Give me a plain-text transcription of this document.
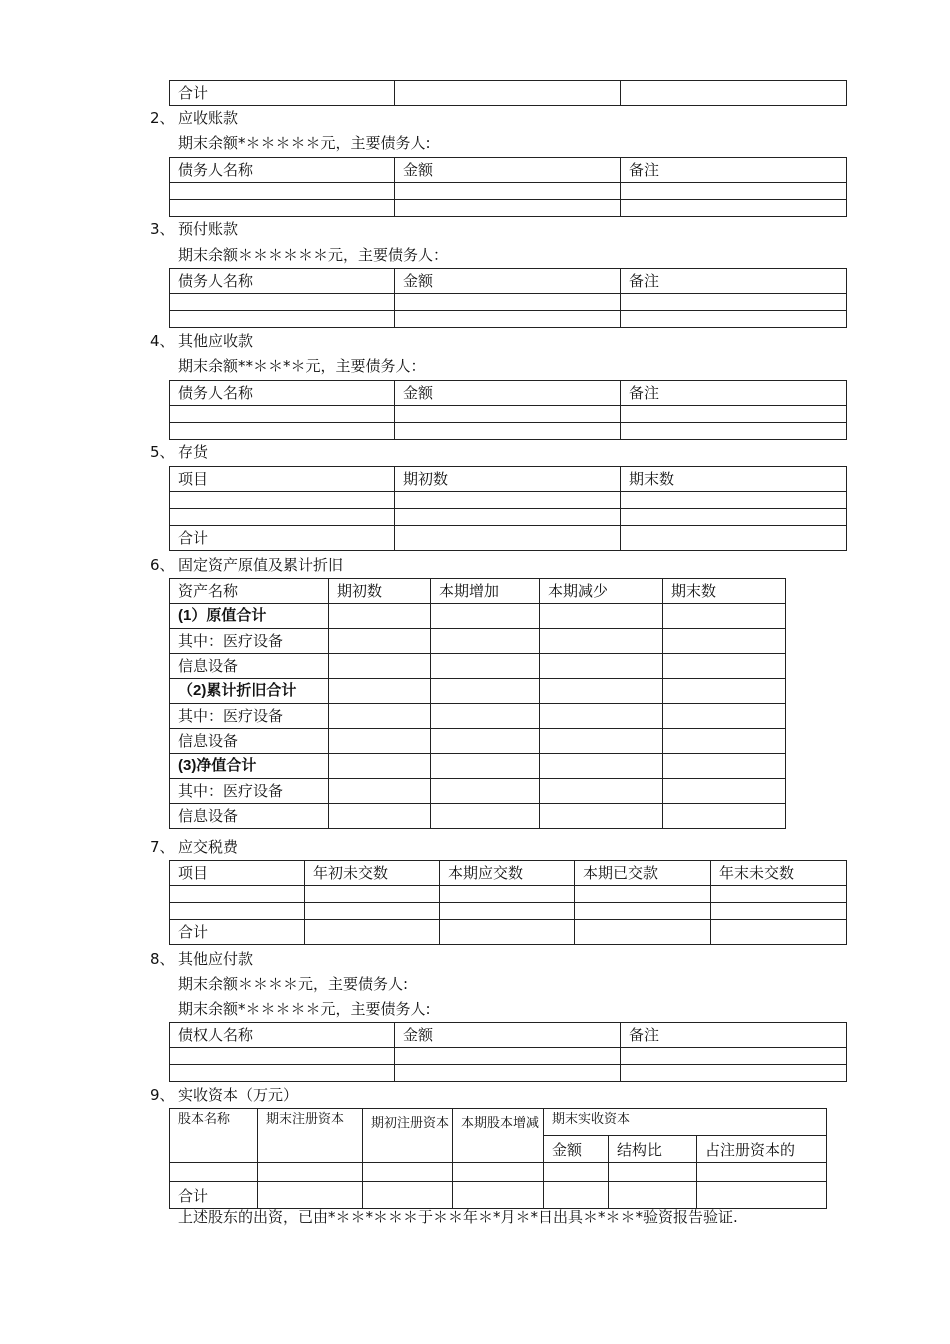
合计		
2、 应收账款
期末余额*＊＊＊＊＊元，主要债务人:
债务人名称	金额	备注

3、 预付账款
期末余额＊＊＊＊＊＊元，主要债务人：
债务人名称	金额	备注

4、 其他应收款
期末余额**＊＊*＊元，主要债务人：
债务人名称	金额	备注

5、 存货
项目	期初数	期末数

合计		
6、 固定资产原值及累计折旧
资产名称	期初数	本期增加	本期减少	期末数
(1）原值合计				
其中：医疗设备				
信息设备				
（2)累计折旧合计				
其中：医疗设备				
信息设备				
(3)净值合计				
其中：医疗设备				
信息设备				
7、 应交税费
项目	年初未交数	本期应交数	本期已交款	年末未交数

合计				
8、 其他应付款
期末余额＊＊＊＊元，主要债务人:
期末余额*＊＊＊＊＊元，主要债务人:
债权人名称	金额	备注

9、 实收资本（万元）
股本名称	期末注册资本	期初注册资本	本期股本增减	期末实收资本		
				金额	结构比	占注册资本的

合计						
上述股东的出资，已由*＊＊*＊＊＊于＊＊年＊*月＊*日出具＊*＊＊*验资报告验证.
